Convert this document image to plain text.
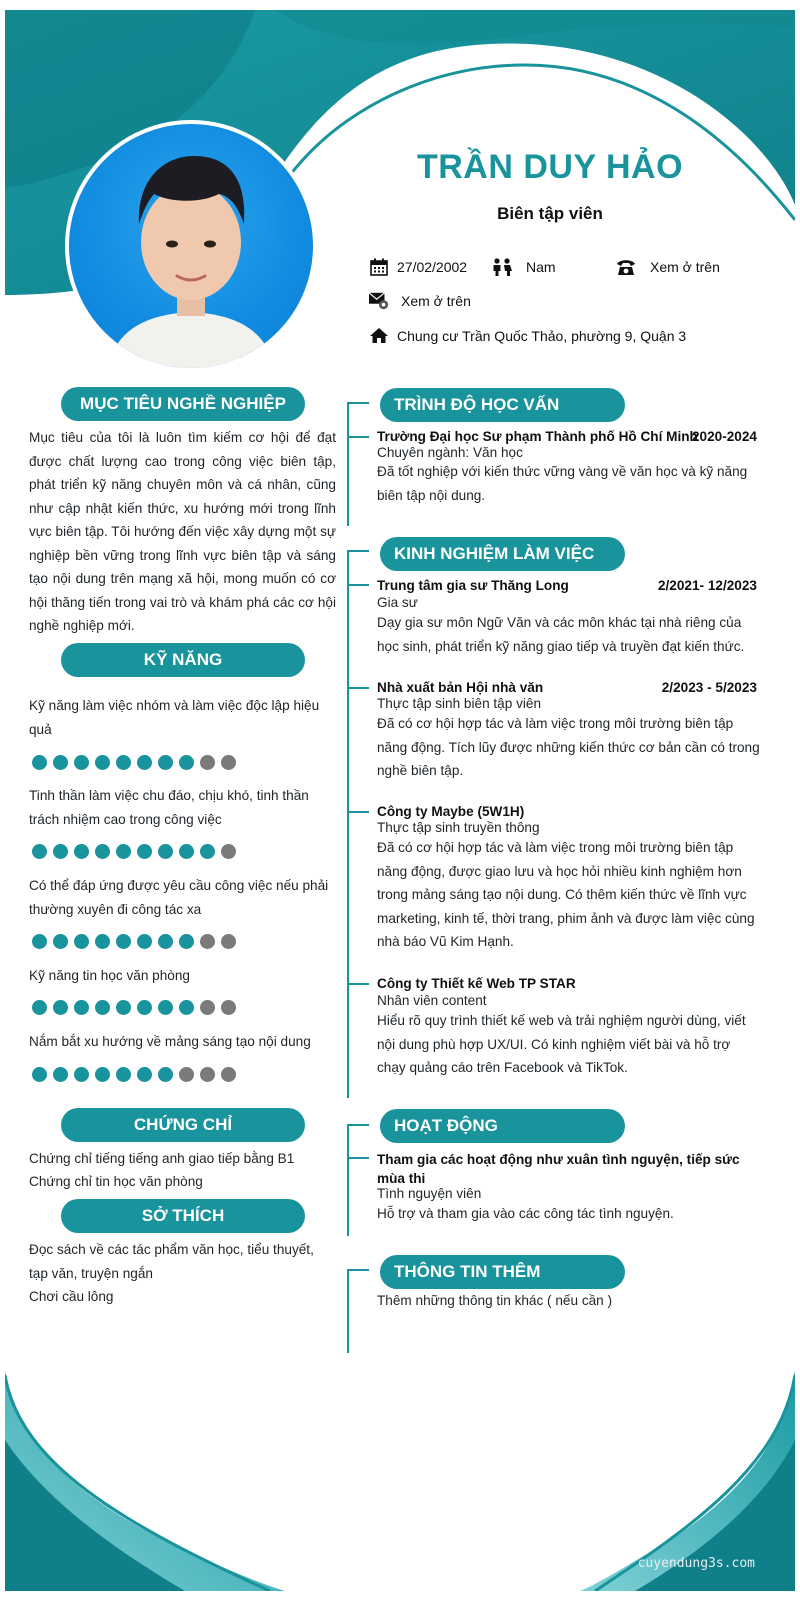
TRẦN DUY HẢO
Biên tập viên
27/02/2002	Nam	Xem ở trên
Xem ở trên
Chung cư Trần Quốc Thảo, phường 9, Quận 3
MỤC TIÊU NGHỀ NGHIỆP
Mục tiêu của tôi là luôn tìm kiếm cơ hội để đạt được chất lượng cao trong công việc biên tập, phát triển kỹ năng chuyên môn và cá nhân, cũng như cập nhật kiến thức, xu hướng mới trong lĩnh vực biên tập. Tôi hướng đến việc xây dựng một sự nghiệp bền vững trong lĩnh vực biên tập và sáng tạo nội dung trên mạng xã hội, mong muốn có cơ hội thăng tiến trong vai trò và khám phá các cơ hội nghề nghiệp mới.
KỸ NĂNG
Kỹ năng làm việc nhóm và làm việc độc lập hiệu quả
Tinh thần làm việc chu đáo, chịu khó, tinh thần trách nhiệm cao trong công việc
Có thể đáp ứng được yêu cầu công việc nếu phải thường xuyên đi công tác xa
Kỹ năng tin học văn phòng
Nắm bắt xu hướng về mảng sáng tạo nội dung
CHỨNG CHỈ
Chứng chỉ tiếng tiếng anh giao tiếp bằng B1
Chứng chỉ tin học văn phòng
SỞ THÍCH
Đọc sách về các tác phẩm văn học, tiểu thuyết, tạp văn, truyện ngắn
Chơi cầu lông
TRÌNH ĐỘ HỌC VẤN
Trường Đại học Sư phạm Thành phố Hồ Chí Minh
2020-2024
Chuyên ngành: Văn học
Đã tốt nghiệp với kiến thức vững vàng về văn học và kỹ năng biên tập nội dung.
KINH NGHIỆM LÀM VIỆC
Trung tâm gia sư Thăng Long	2/2021- 12/2023
Gia sư
Dạy gia sư môn Ngữ Văn và các môn khác tại nhà riêng của học sinh, phát triển kỹ năng giao tiếp và truyền đạt kiến thức.
Nhà xuất bản Hội nhà văn	2/2023 - 5/2023
Thực tập sinh biên tập viên
Đã có cơ hội hợp tác và làm việc trong môi trường biên tập năng động. Tích lũy được những kiến thức cơ bản cần có trong nghề biên tập.
Công ty Maybe (5W1H)
Thực tập sinh truyền thông
Đã có cơ hội hợp tác và làm việc trong môi trường biên tập năng động, được giao lưu và học hỏi nhiều kinh nghiệm hơn trong mảng sáng tạo nội dung. Có thêm kiến thức về lĩnh vực marketing, kinh tế, thời trang, phim ảnh và được làm việc cùng nhà báo Vũ Kim Hạnh.
Công ty Thiết kế Web TP STAR
Nhân viên content
Hiểu rõ quy trình thiết kế web và trải nghiệm người dùng, viết nội dung phù hợp UX/UI. Có kinh nghiệm viết bài và hỗ trợ chạy quảng cáo trên Facebook và TikTok.
HOẠT ĐỘNG
Tham gia các hoạt động như xuân tình nguyện, tiếp sức mùa thi
Tình nguyện viên
Hỗ trợ và tham gia vào các công tác tình nguyện.
THÔNG TIN THÊM
Thêm những thông tin khác ( nếu cần )
cuyendung3s.com
